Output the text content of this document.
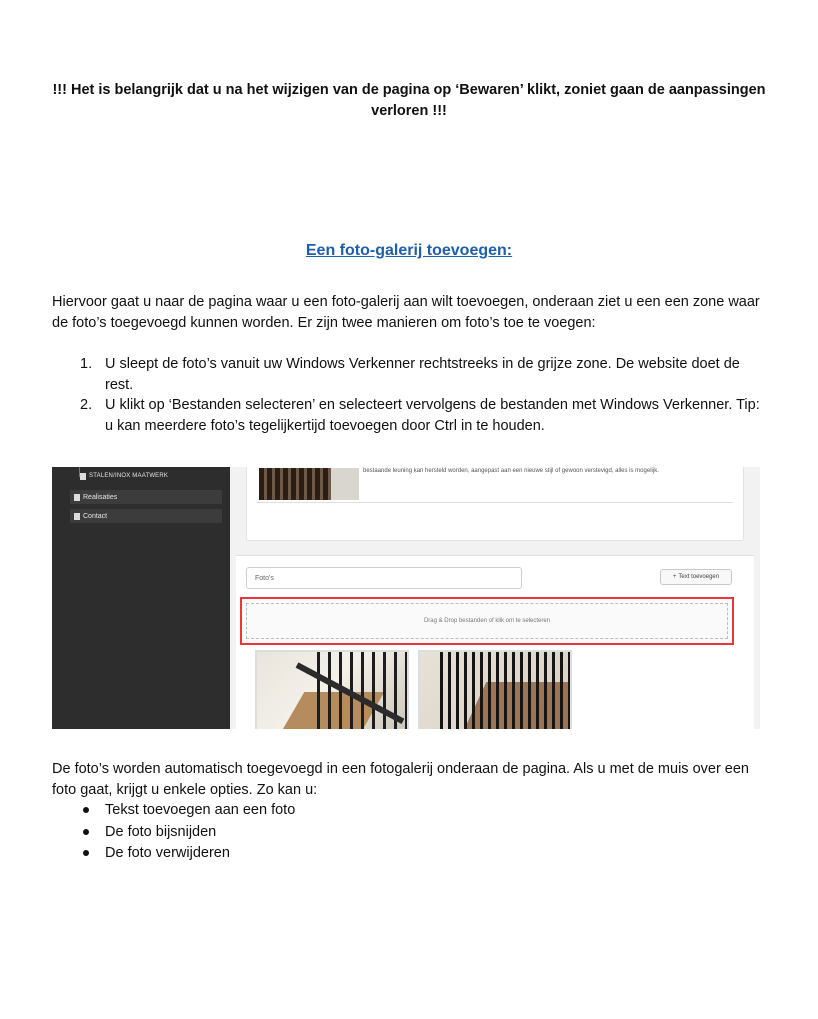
!!! Het is belangrijk dat u na het wijzigen van de pagina op ‘Bewaren’ klikt, zoniet gaan de aanpassingen verloren !!!
Een foto-galerij toevoegen:

Hiervoor gaat u naar de pagina waar u een foto-galerij aan wilt toevoegen, onderaan ziet u een een zone waar de foto’s toegevoegd kunnen worden. Er zijn twee manieren om foto’s toe te voegen:

1. U sleept de foto’s vanuit uw Windows Verkenner rechtstreeks in de grijze zone. De website doet de rest.
2. U klikt op ‘Bestanden selecteren’ en selecteert vervolgens de bestanden met Windows Verkenner. Tip: u kan meerdere foto’s tegelijkertijd toevoegen door Ctrl in te houden.
STALEN/INOX MAATWERK
Realisaties
Contact

bestaande leuning kan hersteld worden, aangepast aan een nieuwe stijl of gewoon verstevigd, alles is mogelijk.

Foto's	+ Text toevoegen
Drag & Drop bestanden of klik om te selecteren

De foto’s worden automatisch toegevoegd in een fotogalerij onderaan de pagina. Als u met de muis over een foto gaat, krijgt u enkele opties. Zo kan u:

Tekst toevoegen aan een foto
De foto bijsnijden
De foto verwijderen
